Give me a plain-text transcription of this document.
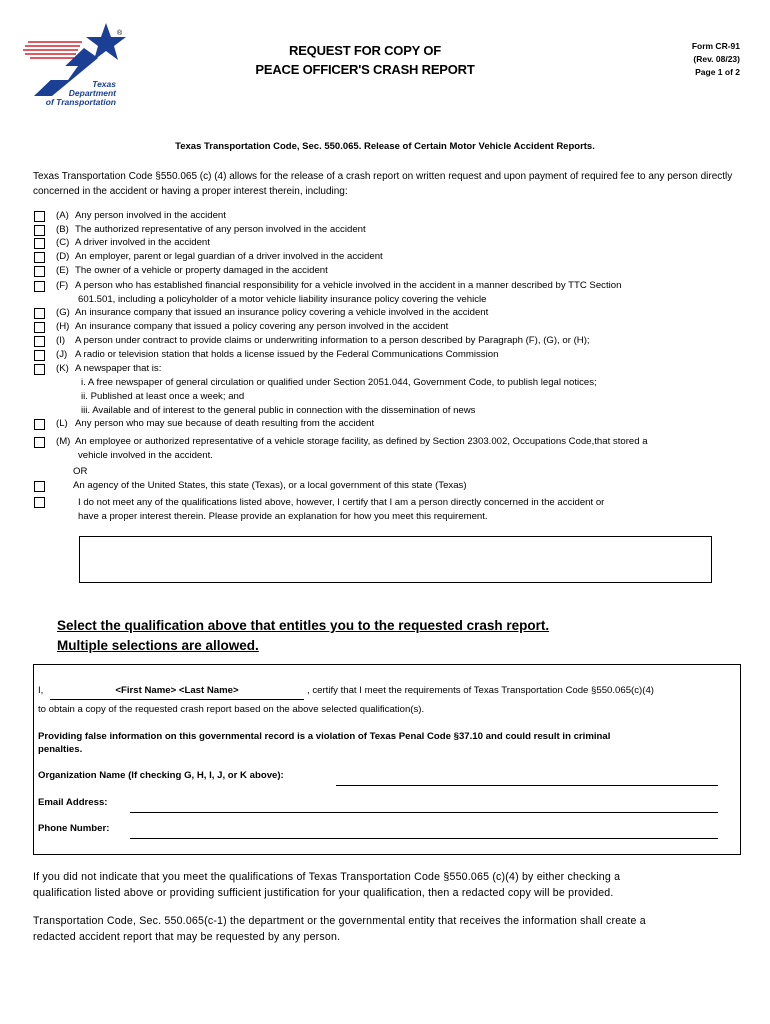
Texas
Department
of Transportation
®
REQUEST FOR COPY OF
PEACE OFFICER'S CRASH REPORT
Form CR-91
(Rev. 08/23)
Page 1 of 2
Texas Transportation Code, Sec. 550.065. Release of Certain Motor Vehicle Accident Reports.
Texas Transportation Code §550.065 (c) (4) allows for the release of a crash report on written request and upon payment of required fee to any person directly concerned in the accident or having a proper interest therein, including:
(A) Any person involved in the accident
(B) The authorized representative of any person involved in the accident
(C) A driver involved in the accident
(D) An employer, parent or legal guardian of a driver involved in the accident
(E) The owner of a vehicle or property damaged in the accident
(F) A person who has established financial responsibility for a vehicle involved in the accident in a manner described by TTC Section
601.501, including a policyholder of a motor vehicle liability insurance policy covering the vehicle
(G) An insurance company that issued an insurance policy covering a vehicle involved in the accident
(H) An insurance company that issued a policy covering any person involved in the accident
(I) A person under contract to provide claims or underwriting information to a person described by Paragraph (F), (G), or (H);
(J) A radio or television station that holds a license issued by the Federal Communications Commission
(K) A newspaper that is:
(L) Any person who may sue because of death resulting from the accident
(M) An employee or authorized representative of a vehicle storage facility, as defined by Section 2303.002, Occupations Code,that stored a
vehicle involved in the accident.
i. A free newspaper of general circulation or qualified under Section 2051.044, Government Code, to publish legal notices;
ii. Published at least once a week; and
iii. Available and of interest to the general public in connection with the dissemination of news
OR
An agency of the United States, this state (Texas), or a local government of this state (Texas)
I do not meet any of the qualifications listed above, however, I certify that I am a person directly concerned in the accident or
have a proper interest therein. Please provide an explanation for how you meet this requirement.
Select the qualification above that entitles you to the requested crash report.
Multiple selections are allowed.
I,	<First Name> <Last Name>	, certify that I meet the requirements of Texas Transportation Code §550.065(c)(4)
to obtain a copy of the requested crash report based on the above selected qualification(s).
Providing false information on this governmental record is a violation of Texas Penal Code §37.10 and could result in criminal
penalties.
Organization Name (If checking G, H, I, J, or K above):
Email Address:
Phone Number:
If you did not indicate that you meet the qualifications of Texas Transportation Code §550.065 (c)(4) by either checking a
qualification listed above or providing sufficient justification for your qualification, then a redacted copy will be provided.
Transportation Code, Sec. 550.065(c-1) the department or the governmental entity that receives the information shall create a
redacted accident report that may be requested by any person.
